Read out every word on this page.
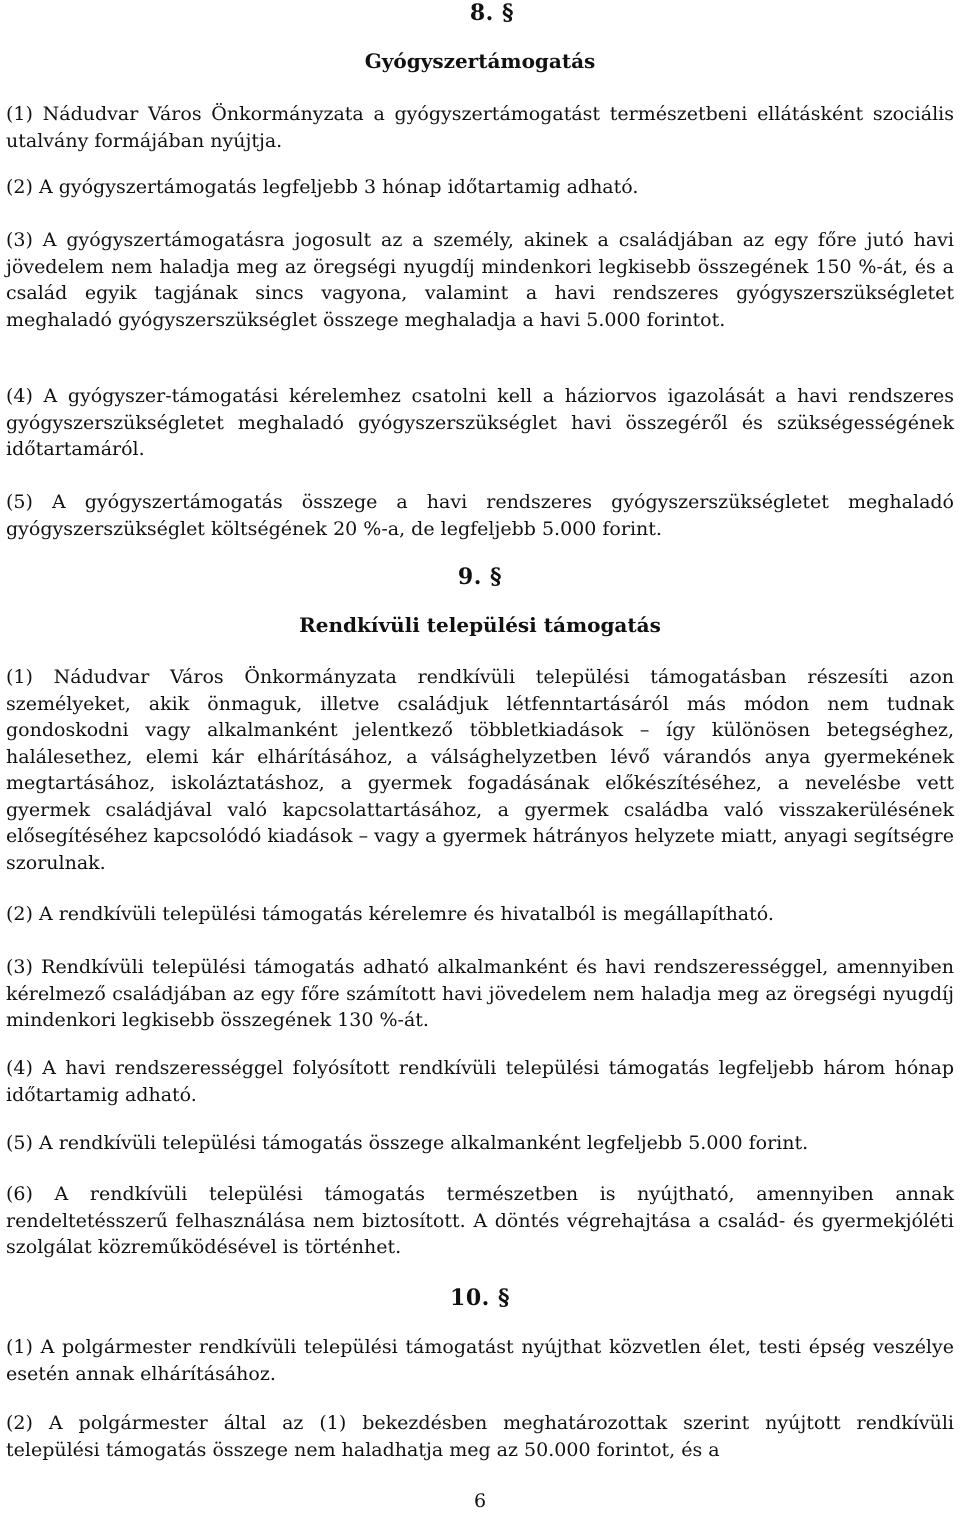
8. §
Gyógyszertámogatás

(1) Nádudvar Város Önkormányzata a gyógyszertámogatást természetbeni ellátásként szociális utalvány formájában nyújtja.

(2) A gyógyszertámogatás legfeljebb 3 hónap időtartamig adható.

(3) A gyógyszertámogatásra jogosult az a személy, akinek a családjában az egy főre jutó havi jövedelem nem haladja meg az öregségi nyugdíj mindenkori legkisebb összegének 150 %-át, és a család egyik tagjának sincs vagyona, valamint a havi rendszeres gyógyszerszükségletet meghaladó gyógyszerszükséglet összege meghaladja a havi 5.000 forintot.

(4) A gyógyszer-támogatási kérelemhez csatolni kell a háziorvos igazolását a havi rendszeres gyógyszerszükségletet meghaladó gyógyszerszükséglet havi összegéről és szükségességének időtartamáról.

(5) A gyógyszertámogatás összege a havi rendszeres gyógyszerszükségletet meghaladó gyógyszerszükséglet költségének 20 %-a, de legfeljebb 5.000 forint.

9. §
Rendkívüli települési támogatás

(1) Nádudvar Város Önkormányzata rendkívüli települési támogatásban részesíti azon személyeket, akik önmaguk, illetve családjuk létfenntartásáról más módon nem tudnak gondoskodni vagy alkalmanként jelentkező többletkiadások – így különösen betegséghez, halálesethez, elemi kár elhárításához, a válsághelyzetben lévő várandós anya gyermekének megtartásához, iskoláztatáshoz, a gyermek fogadásának előkészítéséhez, a nevelésbe vett gyermek családjával való kapcsolattartásához, a gyermek családba való visszakerülésének elősegítéséhez kapcsolódó kiadások – vagy a gyermek hátrányos helyzete miatt, anyagi segítségre szorulnak.

(2) A rendkívüli települési támogatás kérelemre és hivatalból is megállapítható.

(3) Rendkívüli települési támogatás adható alkalmanként és havi rendszerességgel, amennyiben kérelmező családjában az egy főre számított havi jövedelem nem haladja meg az öregségi nyugdíj mindenkori legkisebb összegének 130 %-át.

(4) A havi rendszerességgel folyósított rendkívüli települési támogatás legfeljebb három hónap időtartamig adható.

(5) A rendkívüli települési támogatás összege alkalmanként legfeljebb 5.000 forint.

(6) A rendkívüli települési támogatás természetben is nyújtható, amennyiben annak rendeltetésszerű felhasználása nem biztosított. A döntés végrehajtása a család- és gyermekjóléti szolgálat közreműködésével is történhet.

10. §

(1) A polgármester rendkívüli települési támogatást nyújthat közvetlen élet, testi épség veszélye esetén annak elhárításához.

(2) A polgármester által az (1) bekezdésben meghatározottak szerint nyújtott rendkívüli települési támogatás összege nem haladhatja meg az 50.000 forintot, és a

6
